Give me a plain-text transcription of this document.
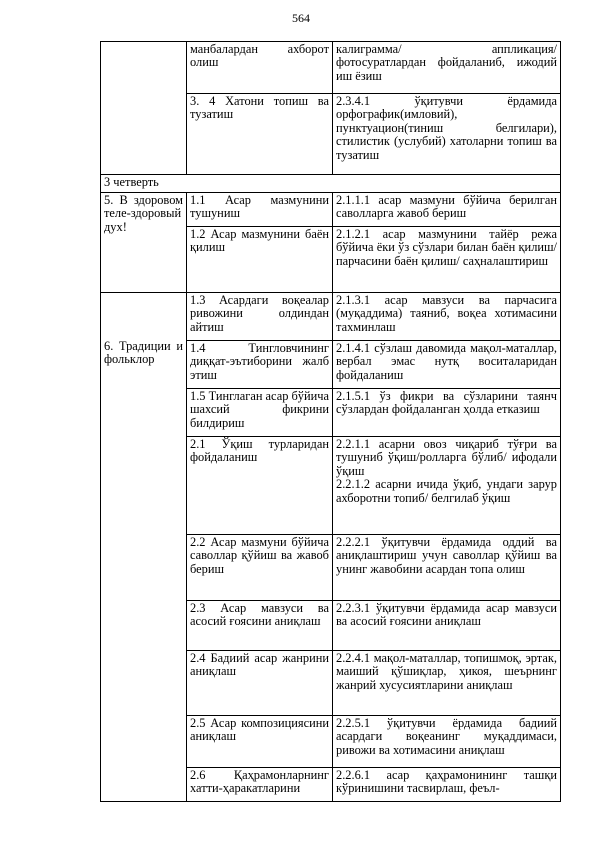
564
	манбалардан ахборот олиш	калиграмма/ аппликация/ фотосуратлардан фойдаланиб, ижодий иш ёзиш
	3. 4 Хатони топиш ва тузатиш	2.3.4.1 ўқитувчи ёрдамида орфографик(имловий), пунктуацион(тиниш белгилари), стилистик (услубий) хатоларни топиш ва тузатиш
3 четверть		
5. В здоровом теле-здоровый дух!	1.1 Асар мазмунини тушуниш	2.1.1.1 асар мазмуни бўйича берилган саволларга жавоб бериш
	1.2 Асар мазмунини баён қилиш	2.1.2.1 асар мазмунини тайёр режа бўйича ёки ўз сўзлари билан баён қилиш/парчасини баён қилиш/ саҳналаштириш
6. Традиции и фольклор	1.3 Асардаги воқеалар ривожини олдиндан айтиш	2.1.3.1 асар мавзуси ва парчасига (муқаддима) таяниб, воқеа хотимасини тахминлаш
	1.4 Тингловчининг диққат-эътиборини жалб этиш	2.1.4.1 сўзлаш давомида мақол-маталлар, вербал эмас нутқ воситаларидан фойдаланиш
	1.5 Тинглаган асар бўйича шахсий фикрини билдириш	2.1.5.1 ўз фикри ва сўзларини таянч сўзлардан фойдаланган ҳолда етказиш
	2.1 Ўқиш турларидан фойдаланиш	2.2.1.1 асарни овоз чиқариб тўғри ва тушуниб ўқиш/ролларга бўлиб/ ифодали ўқиш
2.2.1.2 асарни ичида ўқиб, ундаги зарур ахборотни топиб/ белгилаб ўқиш

	2.2 Асар мазмуни бўйича саволлар қўйиш ва жавоб бериш	2.2.2.1 ўқитувчи ёрдамида оддий ва аниқлаштириш учун саволлар қўйиш ва унинг жавобини асардан топа олиш
	2.3 Асар мавзуси ва асосий ғоясини аниқлаш	2.2.3.1 ўқитувчи ёрдамида асар мавзуси ва асосий ғоясини аниқлаш
	2.4 Бадиий асар жанрини аниқлаш	2.2.4.1 мақол-маталлар, топишмоқ, эртак, маиший қўшиқлар, ҳикоя, шеърнинг жанрий хусусиятларини аниқлаш
	2.5 Асар композициясини аниқлаш	2.2.5.1 ўқитувчи ёрдамида бадиий асардаги воқеанинг муқаддимаси, ривожи ва хотимасини аниқлаш
	2.6 Қаҳрамонларнинг хатти-ҳаракатларини	2.2.6.1 асар қаҳрамонининг ташқи кўринишини тасвирлаш, феъл-
